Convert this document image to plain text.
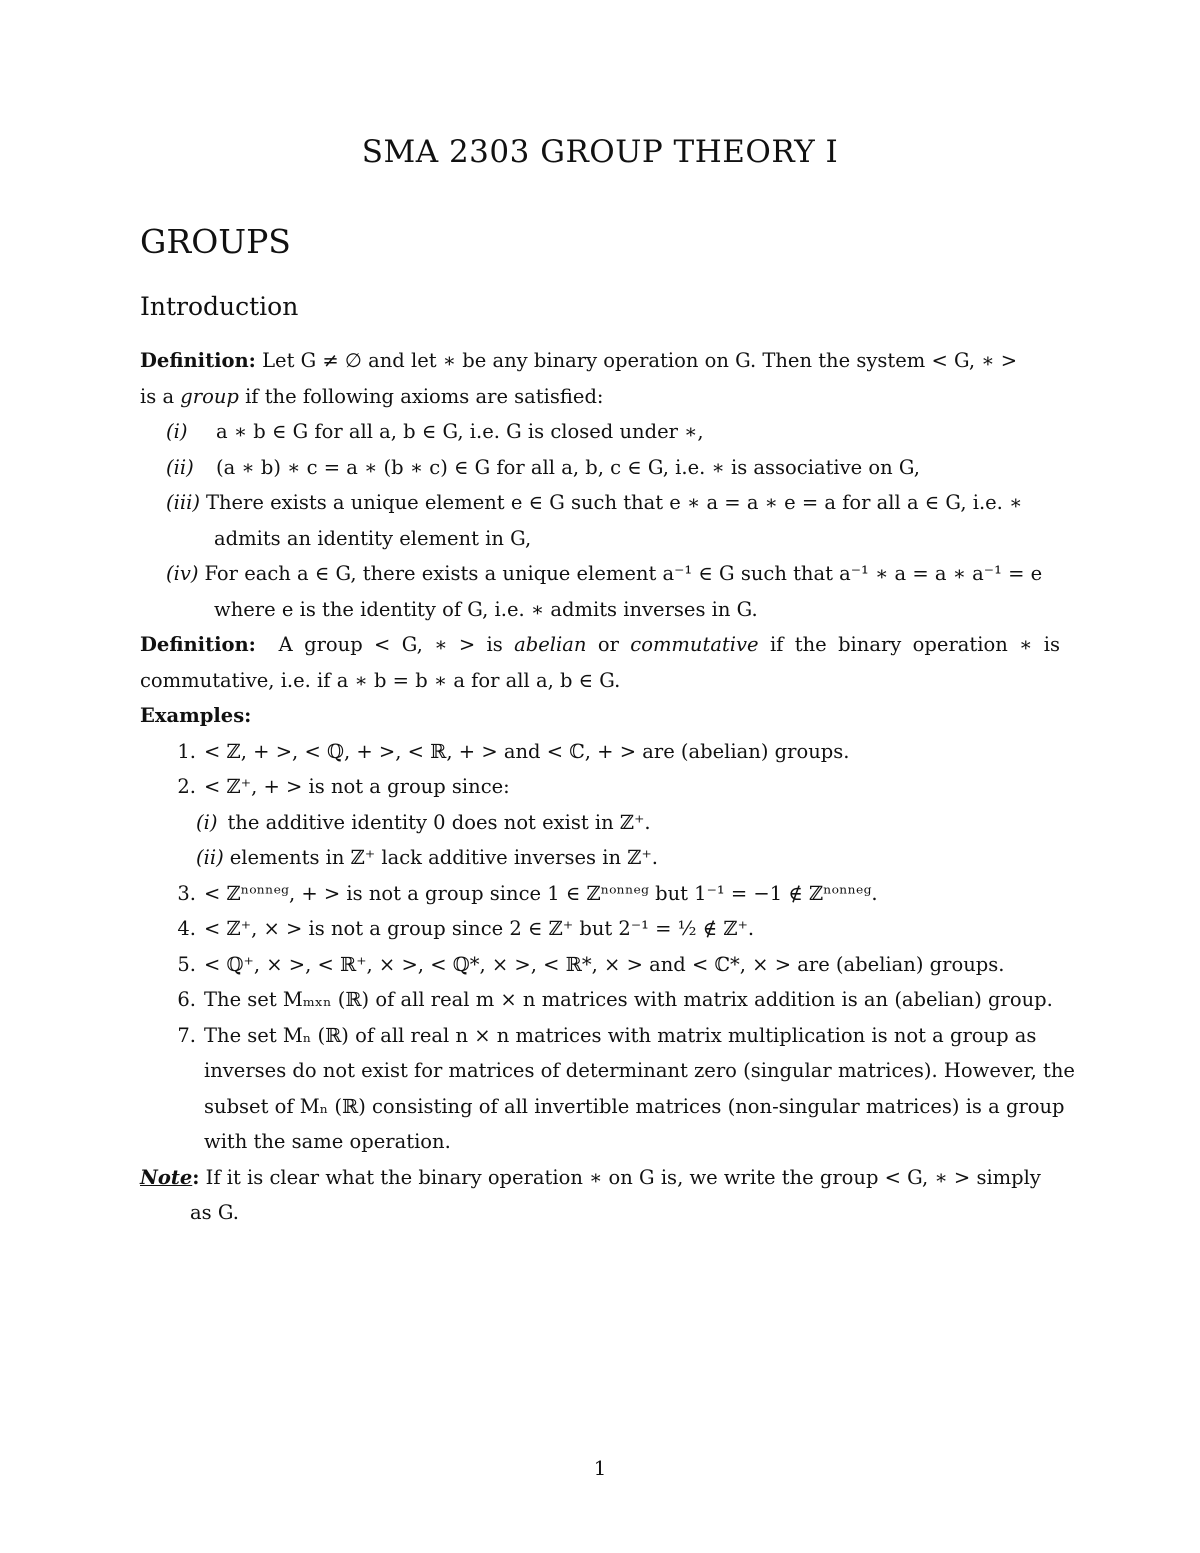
SMA 2303 GROUP THEORY I
GROUPS
Introduction
Definition: Let G ≠ ∅ and let ∗ be any binary operation on G. Then the system < G, ∗ >
is a group if the following axioms are satisfied:
(i) a ∗ b ∈ G for all a, b ∈ G, i.e. G is closed under ∗,
(ii) (a ∗ b) ∗ c = a ∗ (b ∗ c) ∈ G for all a, b, c ∈ G, i.e. ∗ is associative on G,
(iii) There exists a unique element e ∈ G such that e ∗ a = a ∗ e = a for all a ∈ G, i.e. ∗
admits an identity element in G,
(iv) For each a ∈ G, there exists a unique element a⁻¹ ∈ G such that a⁻¹ ∗ a = a ∗ a⁻¹ = e
where e is the identity of G, i.e. ∗ admits inverses in G.
Definition: A group < G, ∗ > is abelian or commutative if the binary operation ∗ is
commutative, i.e. if a ∗ b = b ∗ a for all a, b ∈ G.
Examples:
1. < ℤ, + >, < ℚ, + >, < ℝ, + > and < ℂ, + > are (abelian) groups.
2. < ℤ⁺, + > is not a group since:
(i) the additive identity 0 does not exist in ℤ⁺.
(ii) elements in ℤ⁺ lack additive inverses in ℤ⁺.
3. < ℤⁿᵒⁿⁿᵉᵍ, + > is not a group since 1 ∈ ℤⁿᵒⁿⁿᵉᵍ but 1⁻¹ = −1 ∉ ℤⁿᵒⁿⁿᵉᵍ.
4. < ℤ⁺, × > is not a group since 2 ∈ ℤ⁺ but 2⁻¹ = ½ ∉ ℤ⁺.
5. < ℚ⁺, × >, < ℝ⁺, × >, < ℚ*, × >, < ℝ*, × > and < ℂ*, × > are (abelian) groups.
6. The set Mₘₓₙ (ℝ) of all real m × n matrices with matrix addition is an (abelian) group.
7. The set Mₙ (ℝ) of all real n × n matrices with matrix multiplication is not a group as
inverses do not exist for matrices of determinant zero (singular matrices). However, the
subset of Mₙ (ℝ) consisting of all invertible matrices (non-singular matrices) is a group
with the same operation.
Note: If it is clear what the binary operation ∗ on G is, we write the group < G, ∗ > simply
as G.
1
